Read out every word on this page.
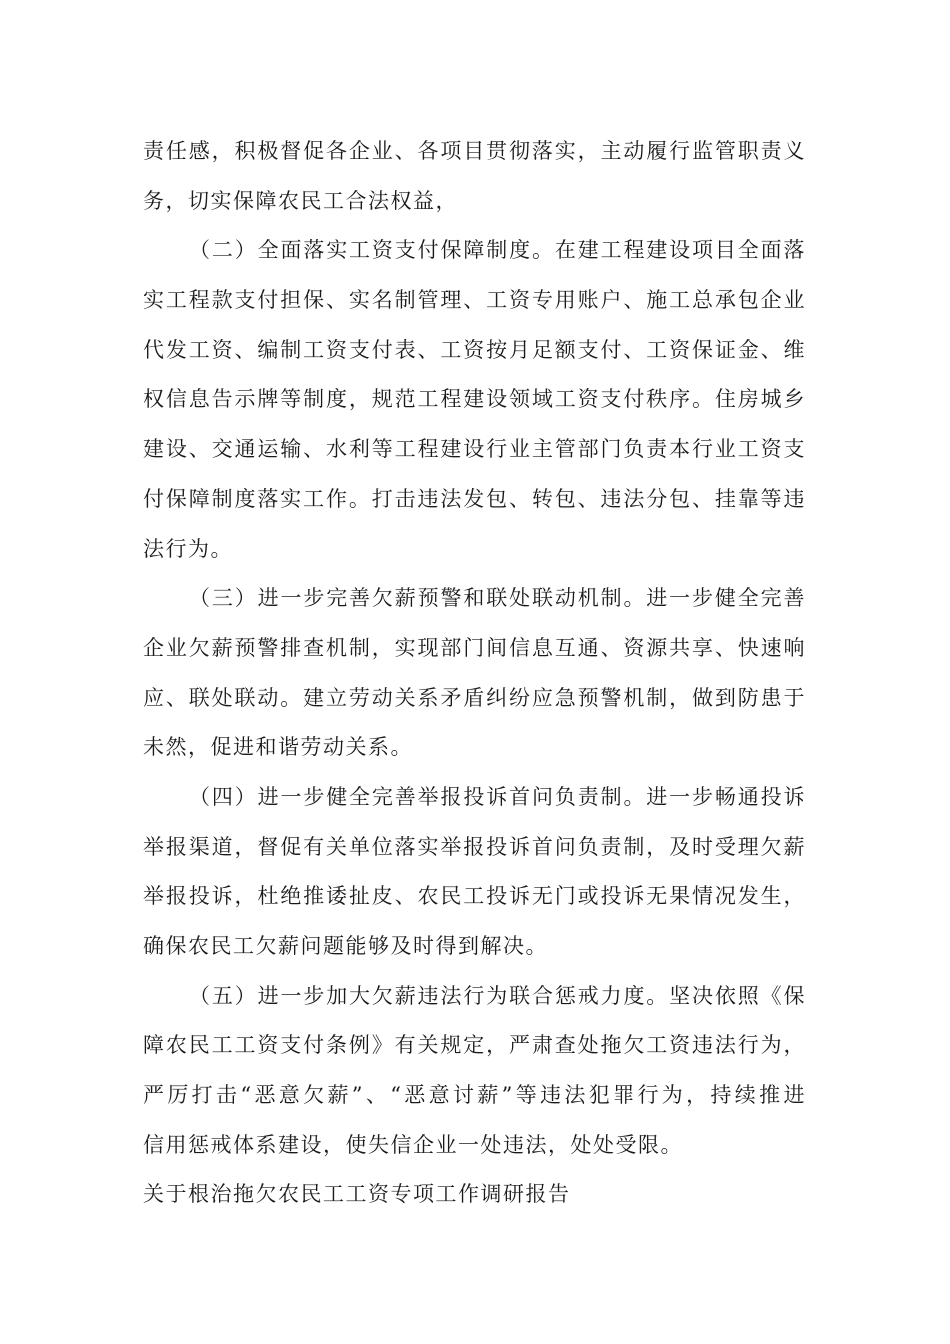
责任感，积极督促各企业、各项目贯彻落实，主动履行监管职责义
务，切实保障农民工合法权益，
（二）全面落实工资支付保障制度。在建工程建设项目全面落
实工程款支付担保、实名制管理、工资专用账户、施工总承包企业
代发工资、编制工资支付表、工资按月足额支付、工资保证金、维
权信息告示牌等制度，规范工程建设领域工资支付秩序。住房城乡
建设、交通运输、水利等工程建设行业主管部门负责本行业工资支
付保障制度落实工作。打击违法发包、转包、违法分包、挂靠等违
法行为。
（三）进一步完善欠薪预警和联处联动机制。进一步健全完善
企业欠薪预警排查机制，实现部门间信息互通、资源共享、快速响
应、联处联动。建立劳动关系矛盾纠纷应急预警机制，做到防患于
未然，促进和谐劳动关系。
（四）进一步健全完善举报投诉首问负责制。进一步畅通投诉
举报渠道，督促有关单位落实举报投诉首问负责制，及时受理欠薪
举报投诉，杜绝推诿扯皮、农民工投诉无门或投诉无果情况发生，
确保农民工欠薪问题能够及时得到解决。
（五）进一步加大欠薪违法行为联合惩戒力度。坚决依照《保
障农民工工资支付条例》有关规定，严肃查处拖欠工资违法行为，
严厉打击“恶意欠薪”、“恶意讨薪”等违法犯罪行为，持续推进
信用惩戒体系建设，使失信企业一处违法，处处受限。
关于根治拖欠农民工工资专项工作调研报告
